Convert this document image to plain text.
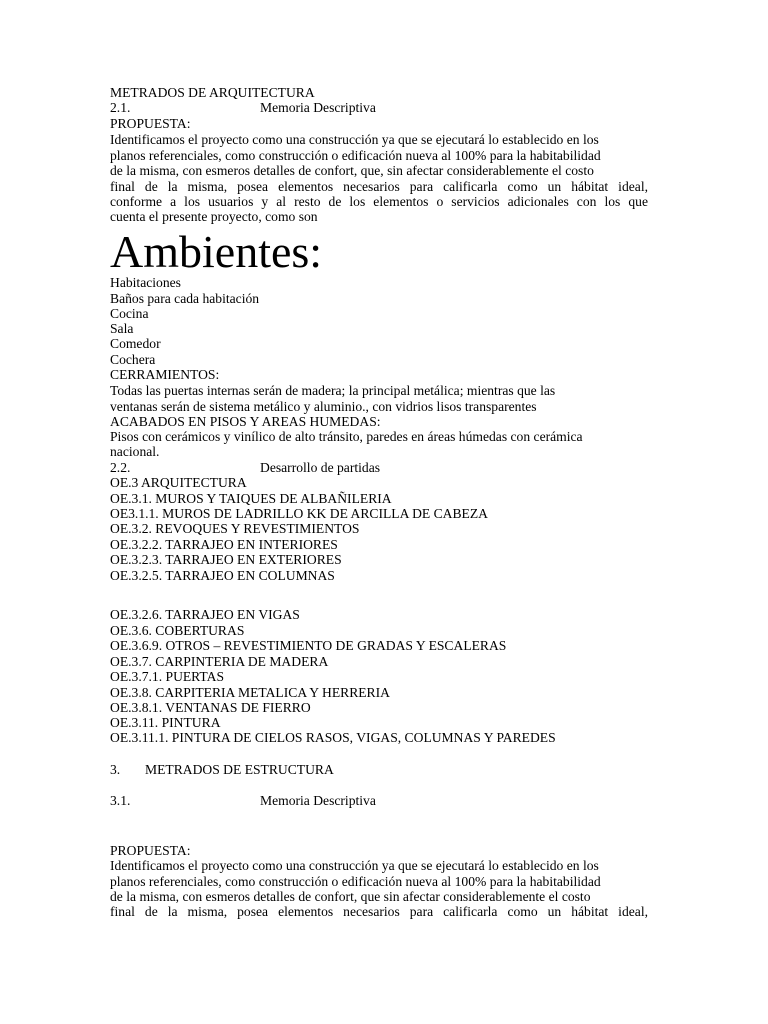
METRADOS DE ARQUITECTURA

2.1.	Memoria Descriptiva

PROPUESTA:

Identificamos el proyecto como una construcción ya que se ejecutará lo establecido en los

planos referenciales, como construcción o edificación nueva al 100% para la habitabilidad

de la misma, con esmeros detalles de confort, que, sin afectar considerablemente el costo

final de la misma, posea elementos necesarios para calificarla como un hábitat ideal,

conforme a los usuarios y al resto de los elementos o servicios adicionales con los que

cuenta el presente proyecto, como son

Ambientes:

Habitaciones

Baños para cada habitación

Cocina

Sala

Comedor

Cochera

CERRAMIENTOS:

Todas las puertas internas serán de madera; la principal metálica; mientras que las

ventanas serán de sistema metálico y aluminio., con vidrios lisos transparentes

ACABADOS EN PISOS Y AREAS HUMEDAS:

Pisos con cerámicos y vinílico de alto tránsito, paredes en áreas húmedas con cerámica

nacional.

2.2.	Desarrollo de partidas

OE.3 ARQUITECTURA

OE.3.1. MUROS Y TAIQUES DE ALBAÑILERIA

OE3.1.1. MUROS DE LADRILLO KK DE ARCILLA DE CABEZA

OE.3.2. REVOQUES Y REVESTIMIENTOS

OE.3.2.2. TARRAJEO EN INTERIORES

OE.3.2.3. TARRAJEO EN EXTERIORES

OE.3.2.5. TARRAJEO EN COLUMNAS

OE.3.2.6. TARRAJEO EN VIGAS

OE.3.6. COBERTURAS

OE.3.6.9. OTROS – REVESTIMIENTO DE GRADAS Y ESCALERAS

OE.3.7. CARPINTERIA DE MADERA

OE.3.7.1. PUERTAS

OE.3.8. CARPITERIA METALICA Y HERRERIA

OE.3.8.1. VENTANAS DE FIERRO

OE.3.11. PINTURA

OE.3.11.1. PINTURA DE CIELOS RASOS, VIGAS, COLUMNAS Y PAREDES

3. METRADOS DE ESTRUCTURA

3.1.	Memoria Descriptiva

PROPUESTA:

Identificamos el proyecto como una construcción ya que se ejecutará lo establecido en los

planos referenciales, como construcción o edificación nueva al 100% para la habitabilidad

de la misma, con esmeros detalles de confort, que sin afectar considerablemente el costo

final de la misma, posea elementos necesarios para calificarla como un hábitat ideal,
